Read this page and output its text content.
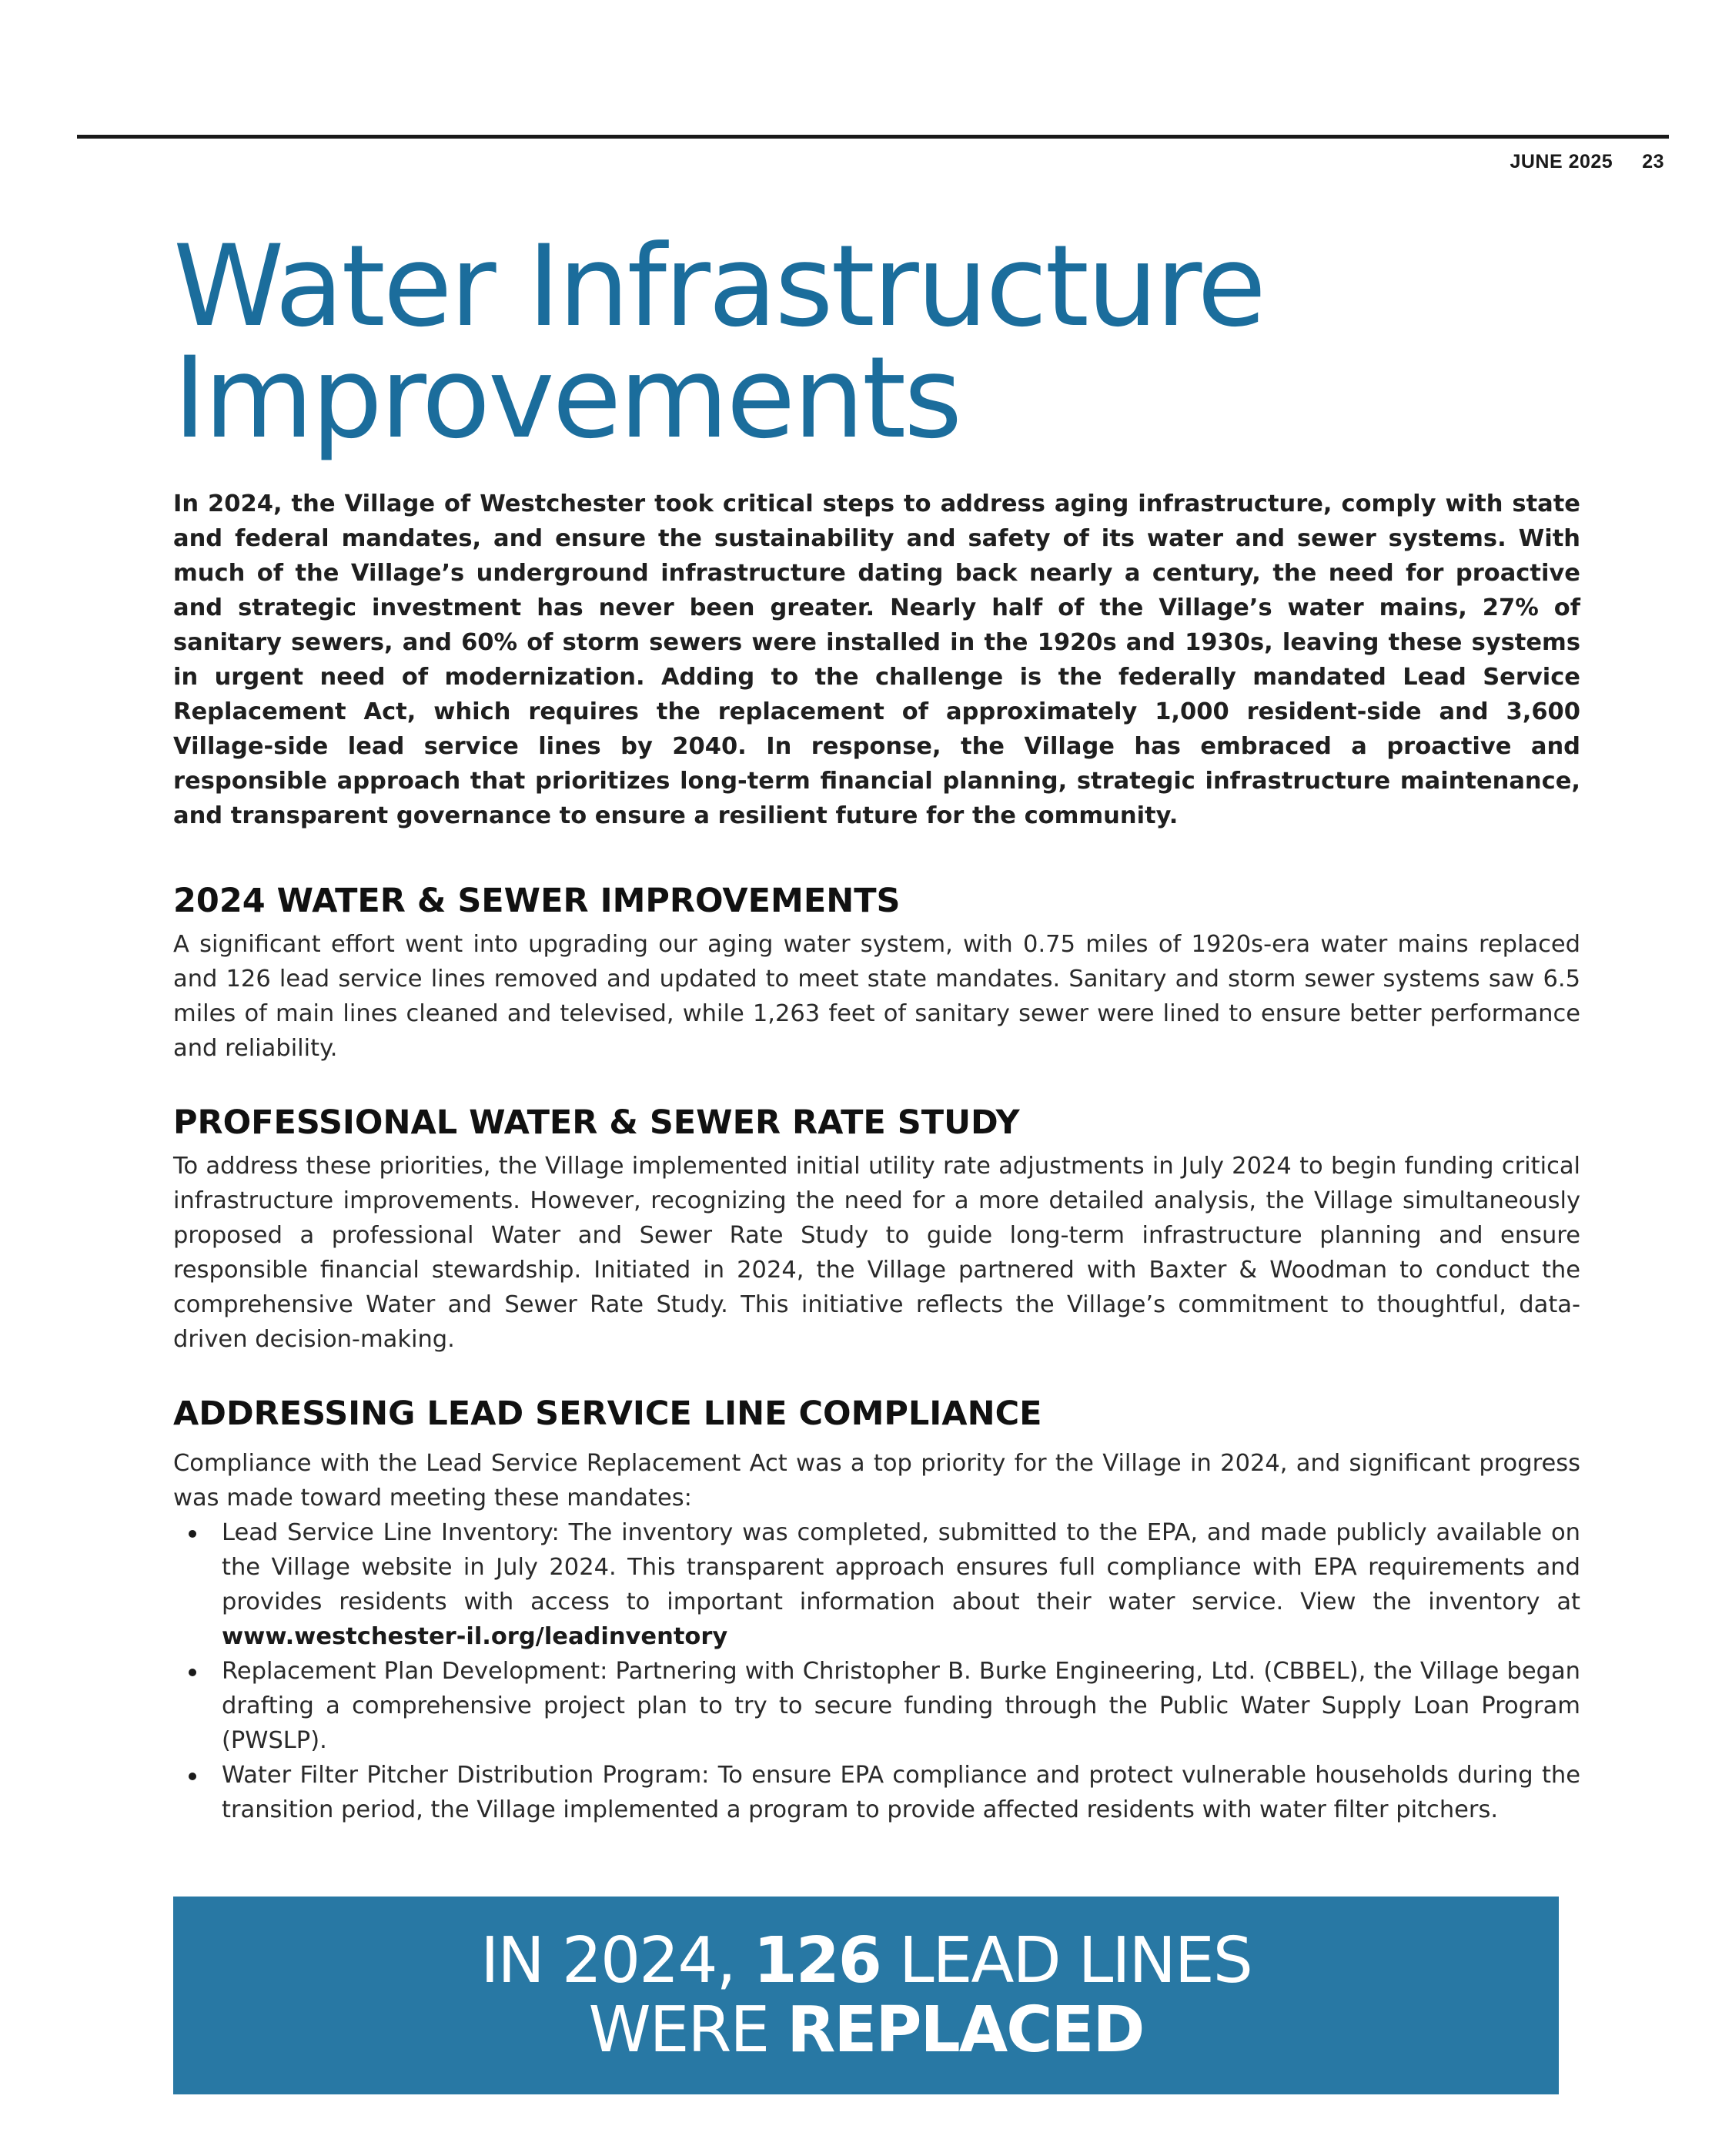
JUNE 2025 23
Water Infrastructure
Improvements

In 2024, the Village of Westchester took critical steps to address aging infrastructure, comply with state and federal mandates, and ensure the sustainability and safety of its water and sewer systems. With much of the Village’s underground infrastructure dating back nearly a century, the need for proactive and strategic investment has never been greater. Nearly half of the Village’s water mains, 27% of sanitary sewers, and 60% of storm sewers were installed in the 1920s and 1930s, leaving these systems in urgent need of modernization. Adding to the challenge is the federally mandated Lead Service Replacement Act, which requires the replacement of approximately 1,000 resident-side and 3,600 Village-side lead service lines by 2040. In response, the Village has embraced a proactive and responsible approach that prioritizes long-term financial planning, strategic infrastructure maintenance, and transparent governance to ensure a resilient future for the community.

2024 WATER & SEWER IMPROVEMENTS

A significant effort went into upgrading our aging water system, with 0.75 miles of 1920s-era water mains replaced and 126 lead service lines removed and updated to meet state mandates. Sanitary and storm sewer systems saw 6.5 miles of main lines cleaned and televised, while 1,263 feet of sanitary sewer were lined to ensure better performance and reliability.

PROFESSIONAL WATER & SEWER RATE STUDY

To address these priorities, the Village implemented initial utility rate adjustments in July 2024 to begin funding critical infrastructure improvements. However, recognizing the need for a more detailed analysis, the Village simultaneously proposed a professional Water and Sewer Rate Study to guide long-term infrastructure planning and ensure responsible financial stewardship. Initiated in 2024, the Village partnered with Baxter & Woodman to conduct the comprehensive Water and Sewer Rate Study. This initiative reflects the Village’s commitment to thoughtful, data-driven decision-making.

ADDRESSING LEAD SERVICE LINE COMPLIANCE

Compliance with the Lead Service Replacement Act was a top priority for the Village in 2024, and significant progress was made toward meeting these mandates:

Lead Service Line Inventory: The inventory was completed, submitted to the EPA, and made publicly available on the Village website in July 2024. This transparent approach ensures full compliance with EPA requirements and provides residents with access to important information about their water service. View the inventory at www.westchester-il.org/leadinventory
Replacement Plan Development: Partnering with Christopher B. Burke Engineering, Ltd. (CBBEL), the Village began drafting a comprehensive project plan to try to secure funding through the Public Water Supply Loan Program (PWSLP).
Water Filter Pitcher Distribution Program: To ensure EPA compliance and protect vulnerable households during the transition period, the Village implemented a program to provide affected residents with water filter pitchers.
IN 2024, 126 LEAD LINES
WERE REPLACED
